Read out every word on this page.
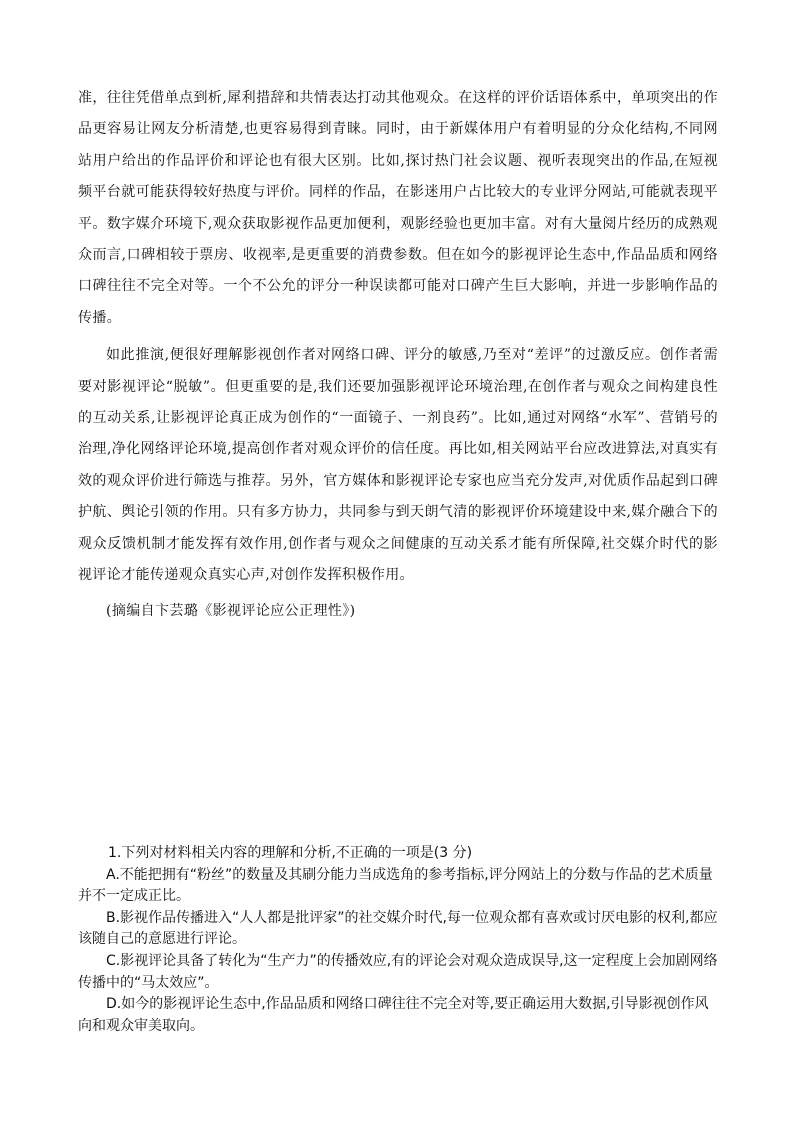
准，往往凭借单点到析,犀利措辞和共情表达打动其他观众。在这样的评价话语体系中，单项突出的作品更容易让网友分析清楚,也更容易得到青睐。同时，由于新媒体用户有着明显的分众化结构,不同网站用户给出的作品评价和评论也有很大区别。比如,探讨热门社会议题、视听表现突出的作品,在短视频平台就可能获得较好热度与评价。同样的作品，在影迷用户占比较大的专业评分网站,可能就表现平平。数字媒介环境下,观众获取影视作品更加便利，观影经验也更加丰富。对有大量阅片经历的成熟观众而言,口碑相较于票房、收视率,是更重要的消费参数。但在如今的影视评论生态中,作品品质和网络口碑往往不完全对等。一个不公允的评分一种误读都可能对口碑产生巨大影响，并进一步影响作品的传播。

如此推演,便很好理解影视创作者对网络口碑、评分的敏感,乃至对“差评”的过激反应。创作者需要对影视评论“脱敏”。但更重要的是,我们还要加强影视评论环境治理,在创作者与观众之间构建良性的互动关系,让影视评论真正成为创作的“一面镜子、一剂良药”。比如,通过对网络“水军”、营销号的治理,净化网络评论环境,提高创作者对观众评价的信任度。再比如,相关网站平台应改进算法,对真实有效的观众评价进行筛选与推荐。另外，官方媒体和影视评论专家也应当充分发声,对优质作品起到口碑护航、舆论引领的作用。只有多方协力，共同参与到天朗气清的影视评价环境建设中来,媒介融合下的观众反馈机制才能发挥有效作用,创作者与观众之间健康的互动关系才能有所保障,社交媒介时代的影视评论才能传递观众真实心声,对创作发挥积极作用。

(摘编自卞芸璐《影视评论应公正理性》)

1.下列对材料相关内容的理解和分析,不正确的一项是(3 分)

A.不能把拥有“粉丝”的数量及其刷分能力当成选角的参考指标,评分网站上的分数与作品的艺术质量并不一定成正比。

B.影视作品传播进入“人人都是批评家”的社交媒介时代,每一位观众都有喜欢或讨厌电影的权利,都应该随自己的意愿进行评论。

C.影视评论具备了转化为“生产力”的传播效应,有的评论会对观众造成误导,这一定程度上会加剧网络传播中的“马太效应”。

D.如今的影视评论生态中,作品品质和网络口碑往往不完全对等,要正确运用大数据,引导影视创作风向和观众审美取向。
